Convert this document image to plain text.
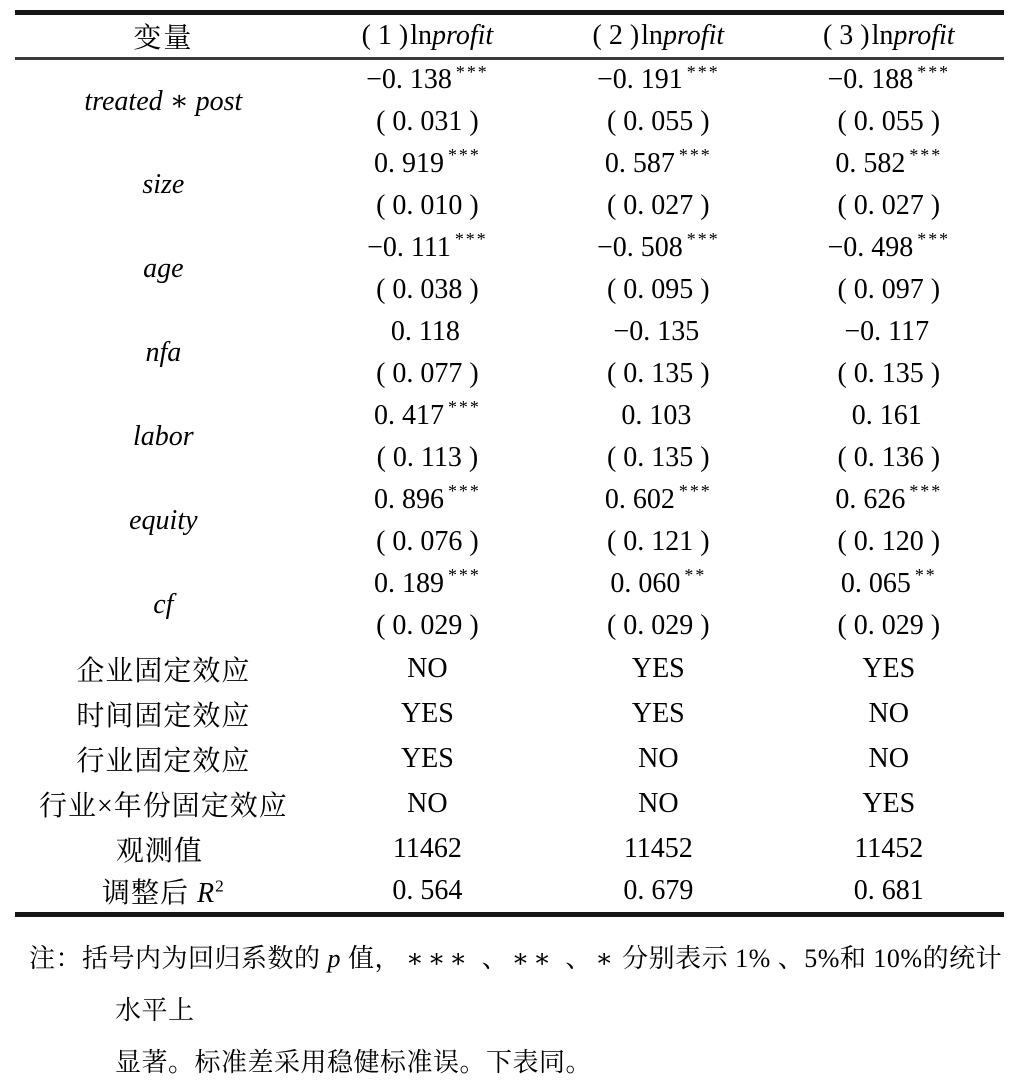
变量	( 1 )lnprofit	( 2 )lnprofit	( 3 )lnprofit
treated ∗ post	−0. 138 ***	−0. 191 ***	−0. 188 ***
	( 0. 031 )	( 0. 055 )	( 0. 055 )
size	0. 919 ***	0. 587 ***	0. 582 ***
	( 0. 010 )	( 0. 027 )	( 0. 027 )
age	−0. 111 ***	−0. 508 ***	−0. 498 ***
	( 0. 038 )	( 0. 095 )	( 0. 097 )
nfa	0. 118	−0. 135	−0. 117
	( 0. 077 )	( 0. 135 )	( 0. 135 )
labor	0. 417 ***	0. 103	0. 161
	( 0. 113 )	( 0. 135 )	( 0. 136 )
equity	0. 896 ***	0. 602 ***	0. 626 ***
	( 0. 076 )	( 0. 121 )	( 0. 120 )
cf	0. 189 ***	0. 060 **	0. 065 **
	( 0. 029 )	( 0. 029 )	( 0. 029 )
企业固定效应	NO	YES	YES
时间固定效应	YES	YES	NO
行业固定效应	YES	NO	NO
行业×年份固定效应	NO	NO	YES
观测值	11462	11452	11452
调整后 $R^2$	0. 564	0. 679	0. 681

注：括号内为回归系数的 p 值， ∗∗∗ 、∗∗ 、∗ 分别表示 1% 、5%和 10%的统计水平上
显著。标准差采用稳健标准误。下表同。
